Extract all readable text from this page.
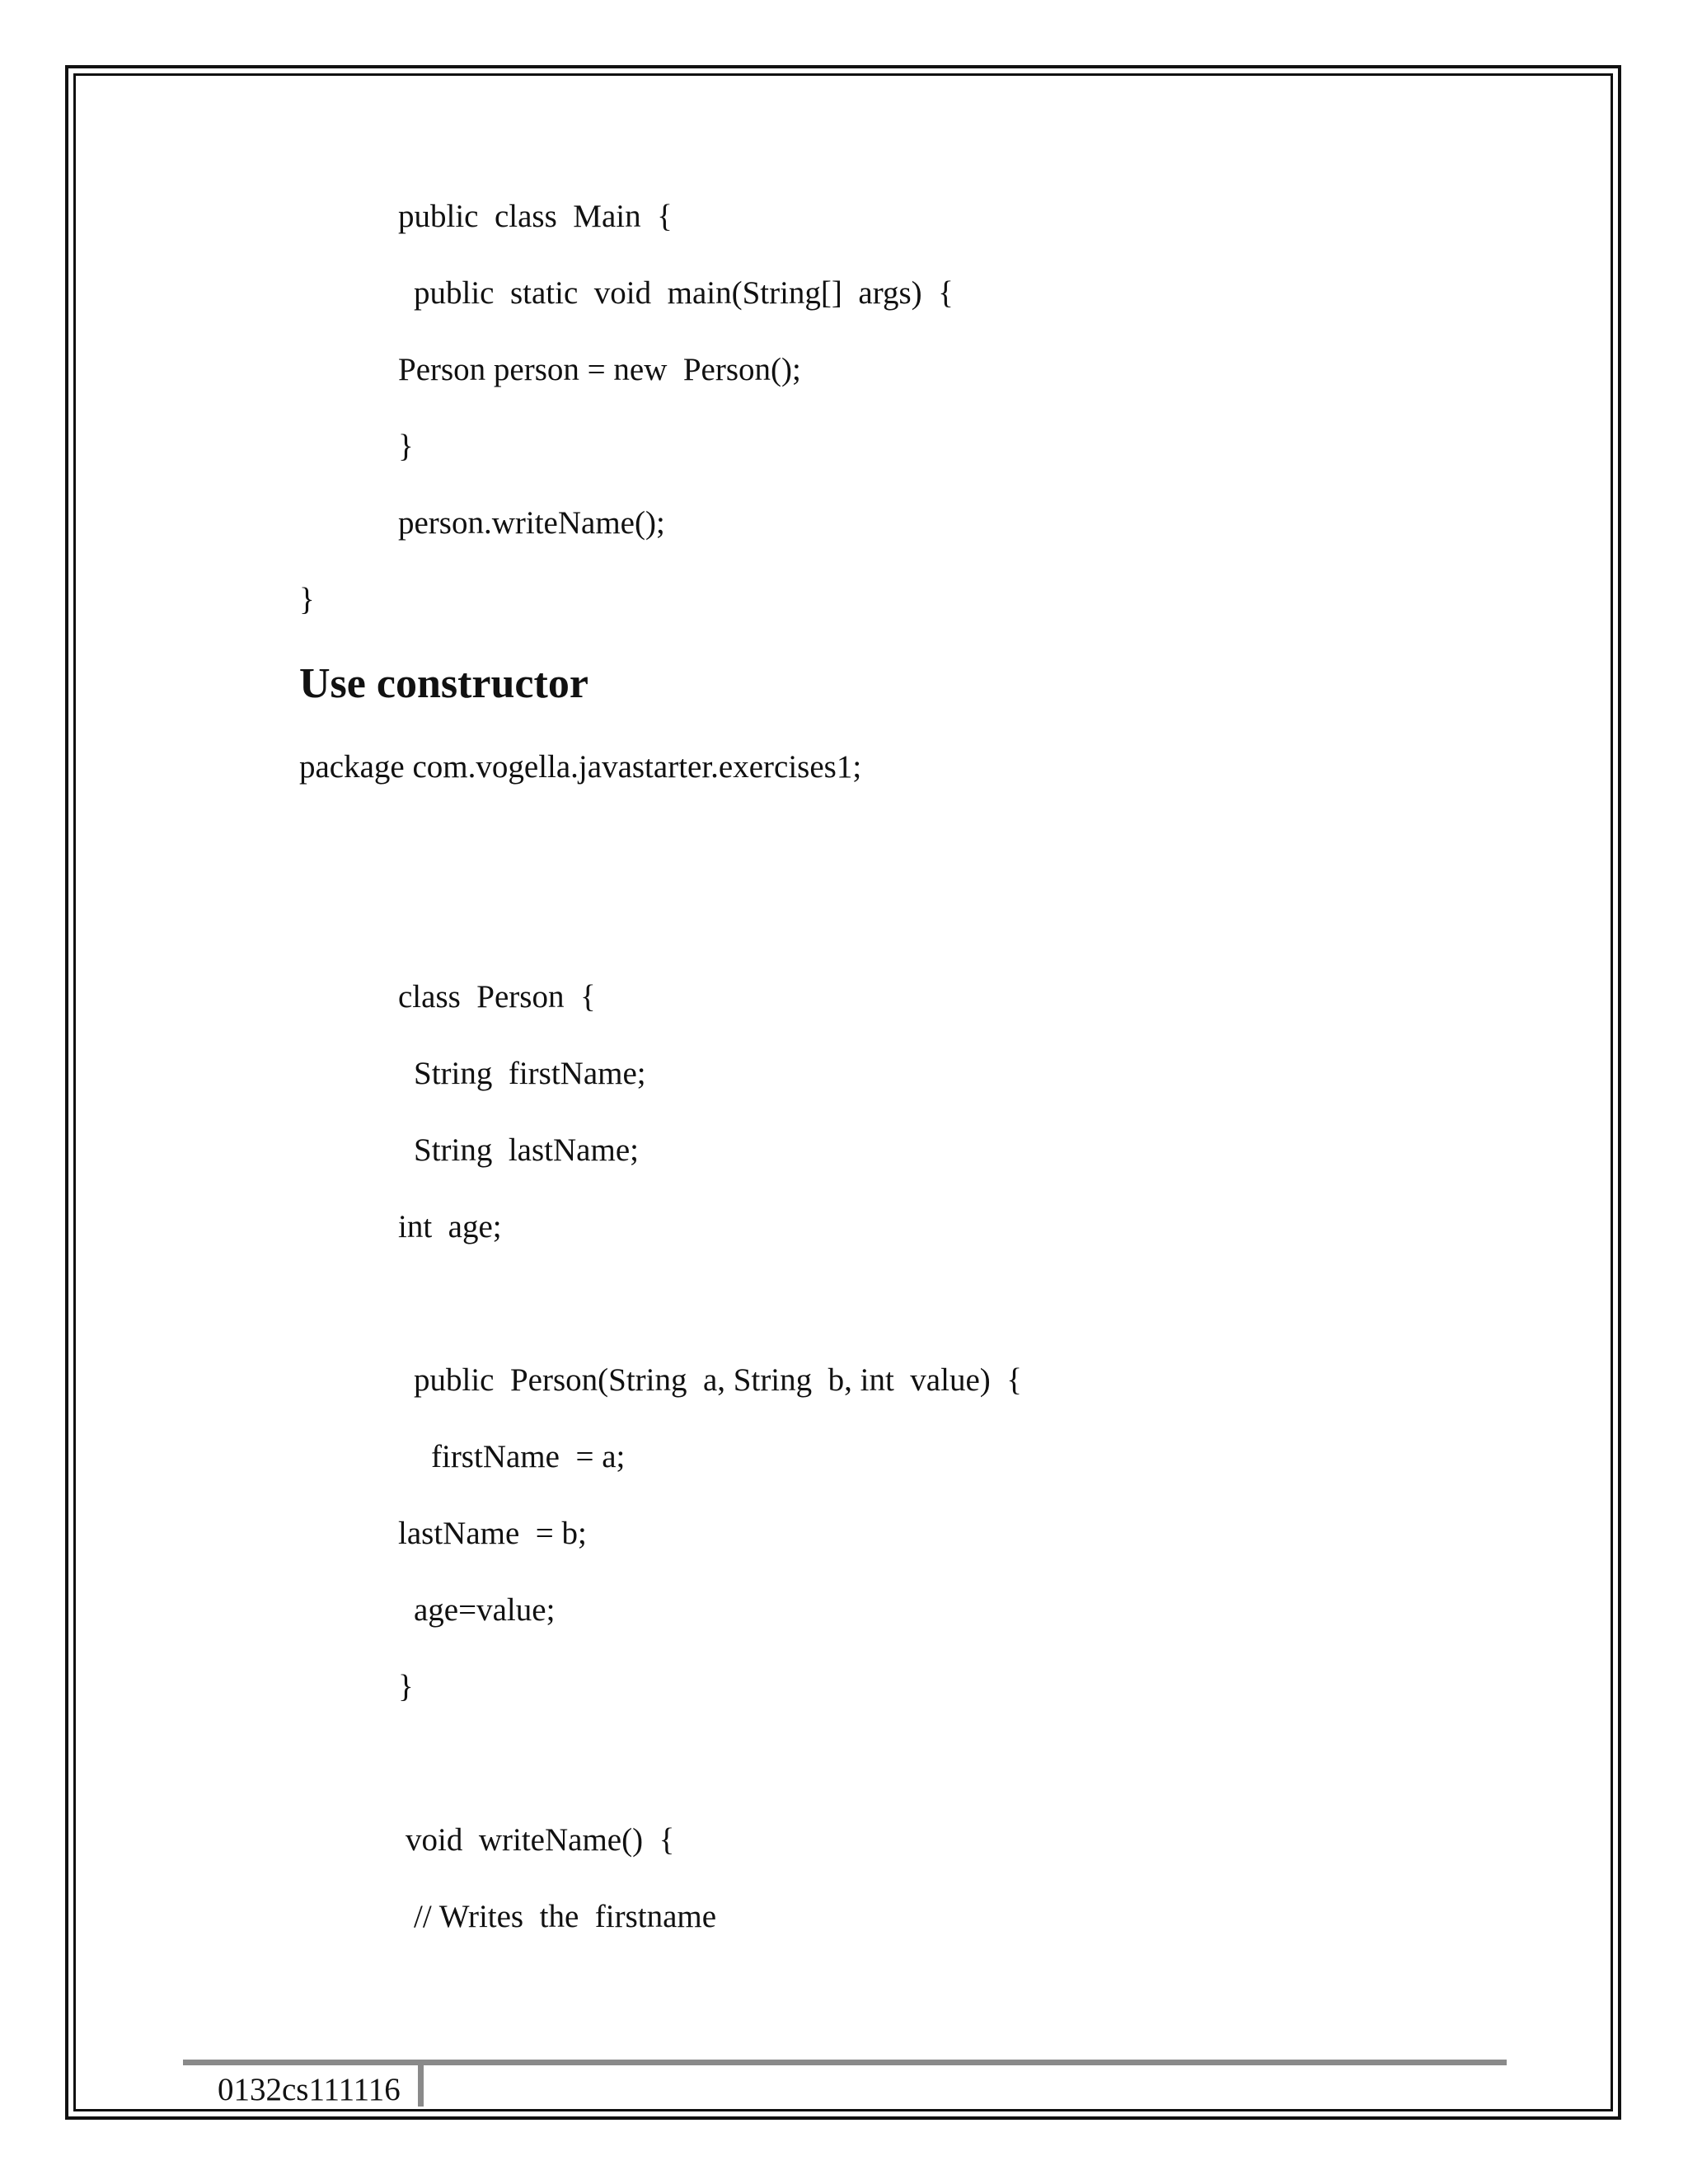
public  class  Main  {
public  static  void  main(String[]  args)  {
Person person = new  Person();
}
person.writeName();
}
Use constructor
package com.vogella.javastarter.exercises1;
class  Person  {
String  firstName;
String  lastName;
int  age;
public  Person(String  a, String  b, int  value)  {
firstName  = a;
lastName  = b;
age=value;
}
void  writeName()  {
// Writes  the  firstname
0132cs111116
